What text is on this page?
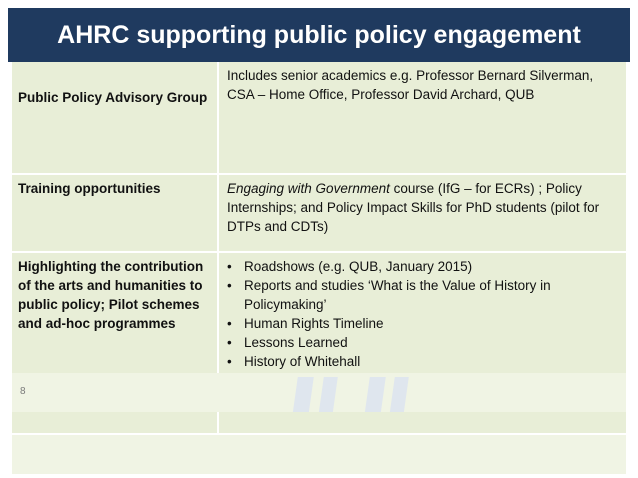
AHRC supporting public policy engagement
Public Policy Advisory Group
Includes senior academics e.g. Professor Bernard Silverman, CSA – Home Office, Professor David Archard, QUB
Training opportunities	Engaging with Government course (IfG – for ECRs) ; Policy Internships; and Policy Impact Skills for PhD students (pilot for DTPs and CDTs)
Highlighting the contribution of the arts and humanities to public policy; Pilot schemes and ad-hoc programmes
• Roadshows (e.g. QUB, January 2015)
• Reports and studies ‘What is the Value of History in Policymaking’
• Human Rights Timeline
• Lessons Learned
• History of Whitehall
•
8
